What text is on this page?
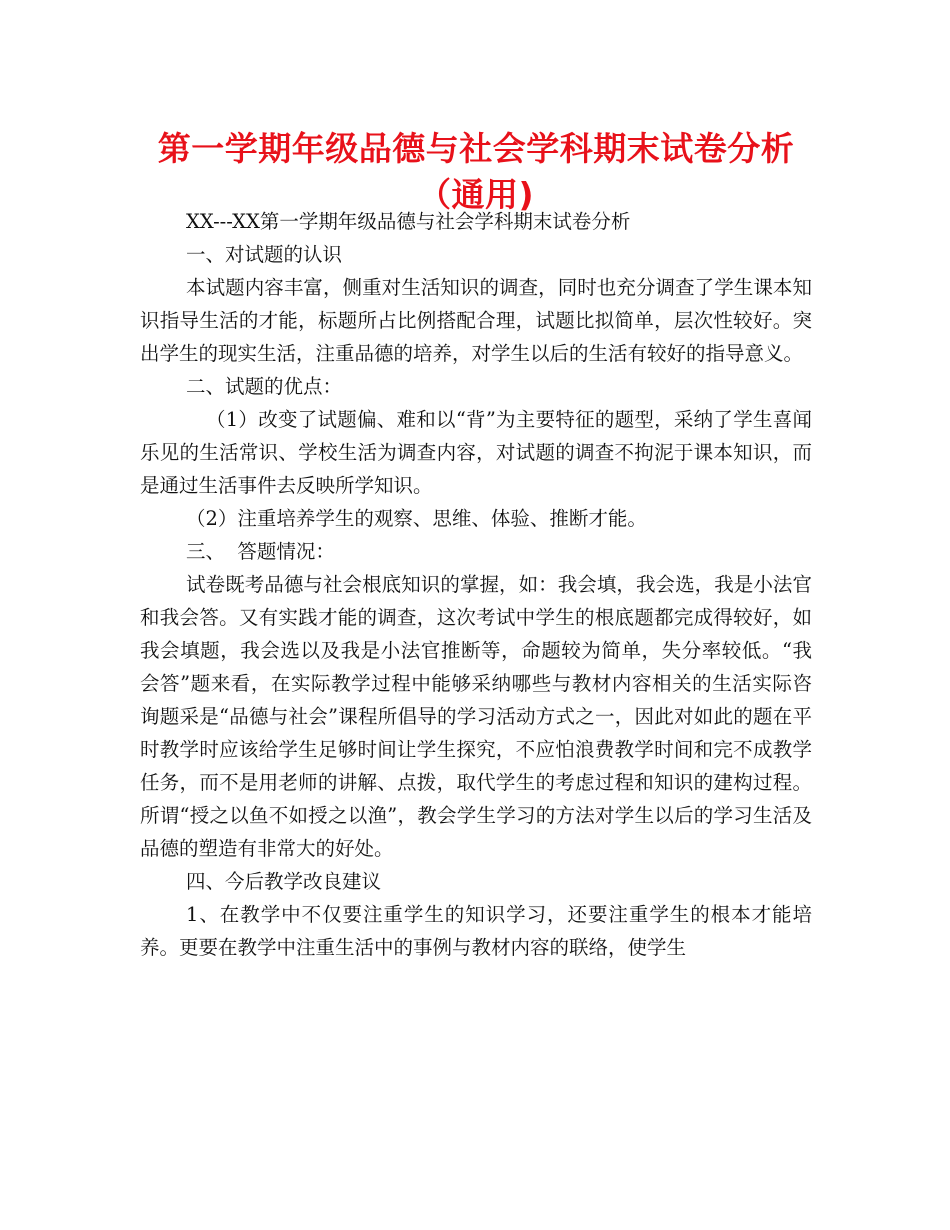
第一学期年级品德与社会学科期末试卷分析（通用)

XX---XX第一学期年级品德与社会学科期末试卷分析

一、对试题的认识

本试题内容丰富，侧重对生活知识的调查，同时也充分调查了学生课本知识指导生活的才能，标题所占比例搭配合理，试题比拟简单，层次性较好。突出学生的现实生活，注重品德的培养，对学生以后的生活有较好的指导意义。

二、试题的优点：

（1）改变了试题偏、难和以“背”为主要特征的题型，采纳了学生喜闻乐见的生活常识、学校生活为调查内容，对试题的调查不拘泥于课本知识，而是通过生活事件去反映所学知识。

（2）注重培养学生的观察、思维、体验、推断才能。

三、  答题情况：

试卷既考品德与社会根底知识的掌握，如：我会填，我会选，我是小法官和我会答。又有实践才能的调查，这次考试中学生的根底题都完成得较好，如我会填题，我会选以及我是小法官推断等，命题较为简单，失分率较低。“我会答”题来看，在实际教学过程中能够采纳哪些与教材内容相关的生活实际咨询题采是“品德与社会”课程所倡导的学习活动方式之一，因此对如此的题在平时教学时应该给学生足够时间让学生探究，不应怕浪费教学时间和完不成教学任务，而不是用老师的讲解、点拨，取代学生的考虑过程和知识的建构过程。所谓“授之以鱼不如授之以渔”，教会学生学习的方法对学生以后的学习生活及品德的塑造有非常大的好处。

四、今后教学改良建议

1、在教学中不仅要注重学生的知识学习，还要注重学生的根本才能培养。更要在教学中注重生活中的事例与教材内容的联络，使学生
